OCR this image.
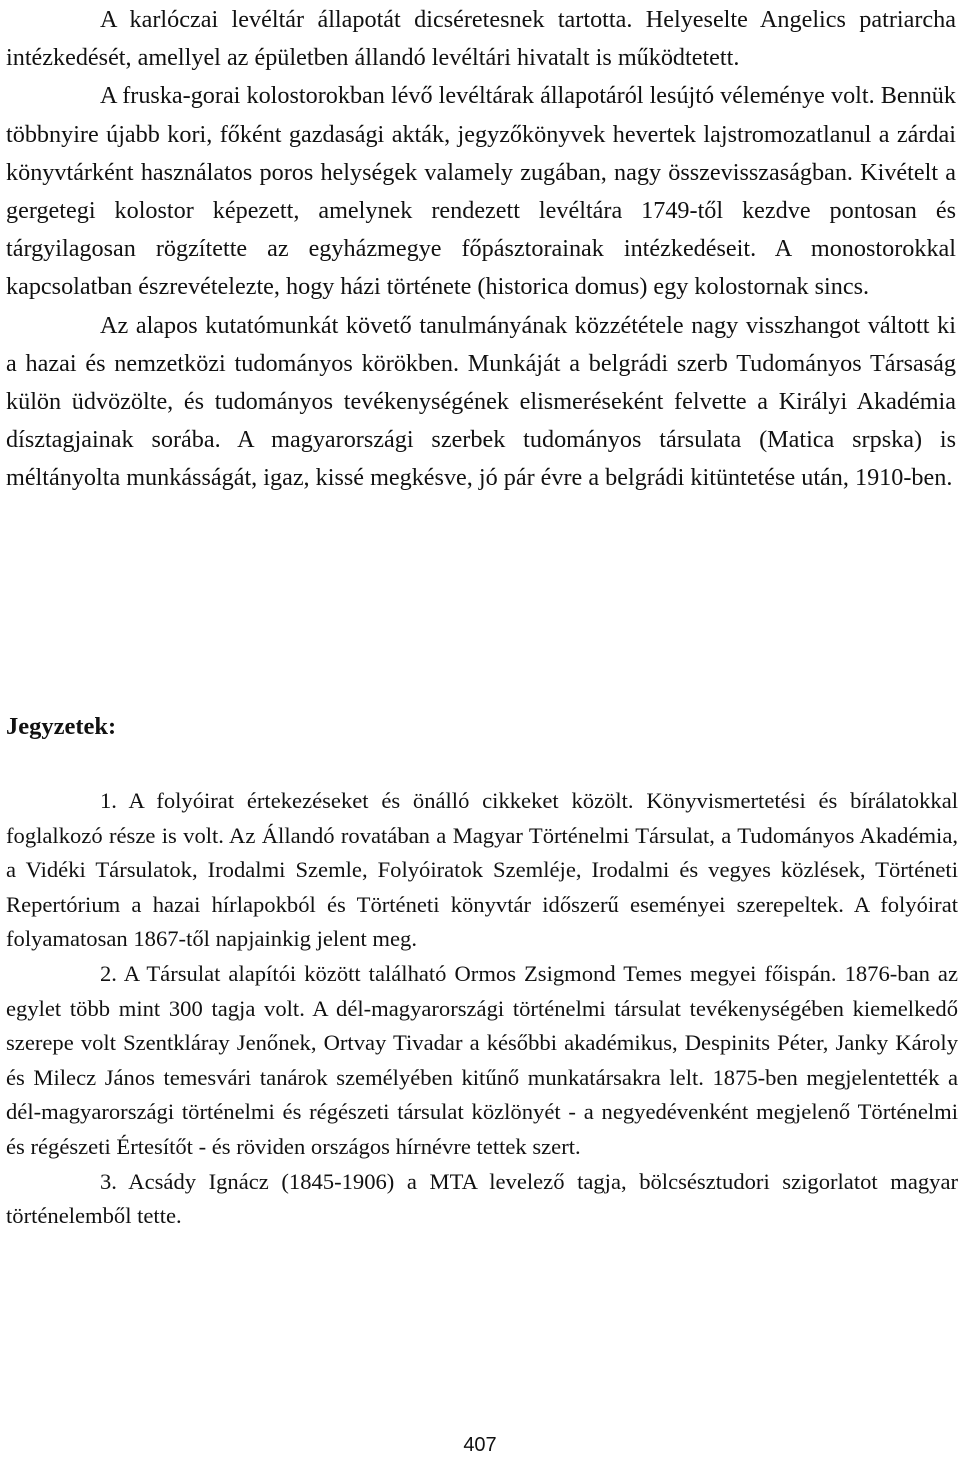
A karlóczai levéltár állapotát dicséretesnek tartotta. Helyeselte Angelics patriarcha intézkedését, amellyel az épületben állandó levéltári hivatalt is működtetett.

A fruska-gorai kolostorokban lévő levéltárak állapotáról lesújtó véleménye volt. Bennük többnyire újabb kori, főként gazdasági akták, jegyzőkönyvek hevertek lajstromozatlanul a zárdai könyvtárként használatos poros helységek valamely zugában, nagy összevisszaságban. Kivételt a gergetegi kolostor képezett, amelynek rendezett levéltára 1749-től kezdve pontosan és tárgyilagosan rögzítette az egyházmegye főpásztorainak intézkedéseit. A monostorokkal kapcsolatban észrevételezte, hogy házi története (historica domus) egy kolostornak sincs.

Az alapos kutatómunkát követő tanulmányának közzététele nagy visszhangot váltott ki a hazai és nemzetközi tudományos körökben. Munkáját a belgrádi szerb Tudományos Társaság külön üdvözölte, és tudományos tevékenységének elismeréseként felvette a Királyi Akadémia dísztagjainak sorába. A magyarországi szerbek tudományos társulata (Matica srpska) is méltányolta munkásságát, igaz, kissé megkésve, jó pár évre a belgrádi kitüntetése után, 1910-ben.

Jegyzetek:

1. A folyóirat értekezéseket és önálló cikkeket közölt. Könyvismertetési és bírálatokkal foglalkozó része is volt. Az Állandó rovatában a Magyar Történelmi Társulat, a Tudományos Akadémia, a Vidéki Társulatok, Irodalmi Szemle, Folyóiratok Szemléje, Irodalmi és vegyes közlések, Történeti Repertórium a hazai hírlapokból és Történeti könyvtár időszerű eseményei szerepeltek. A folyóirat folyamatosan 1867-től napjainkig jelent meg.

2. A Társulat alapítói között található Ormos Zsigmond Temes megyei főispán. 1876-ban az egylet több mint 300 tagja volt. A dél-magyarországi történelmi társulat tevékenységében kiemelkedő szerepe volt Szentkláray Jenőnek, Ortvay Tivadar a későbbi akadémikus, Despinits Péter, Janky Károly és Milecz János temesvári tanárok személyében kitűnő munkatársakra lelt. 1875-ben megjelentették a dél-magyarországi történelmi és régészeti társulat közlönyét - a negyedévenként megjelenő Történelmi és régészeti Értesítőt - és röviden országos hírnévre tettek szert.

3. Acsády Ignácz (1845-1906) a MTA levelező tagja, bölcsésztudori szigorlatot magyar történelemből tette.

407
